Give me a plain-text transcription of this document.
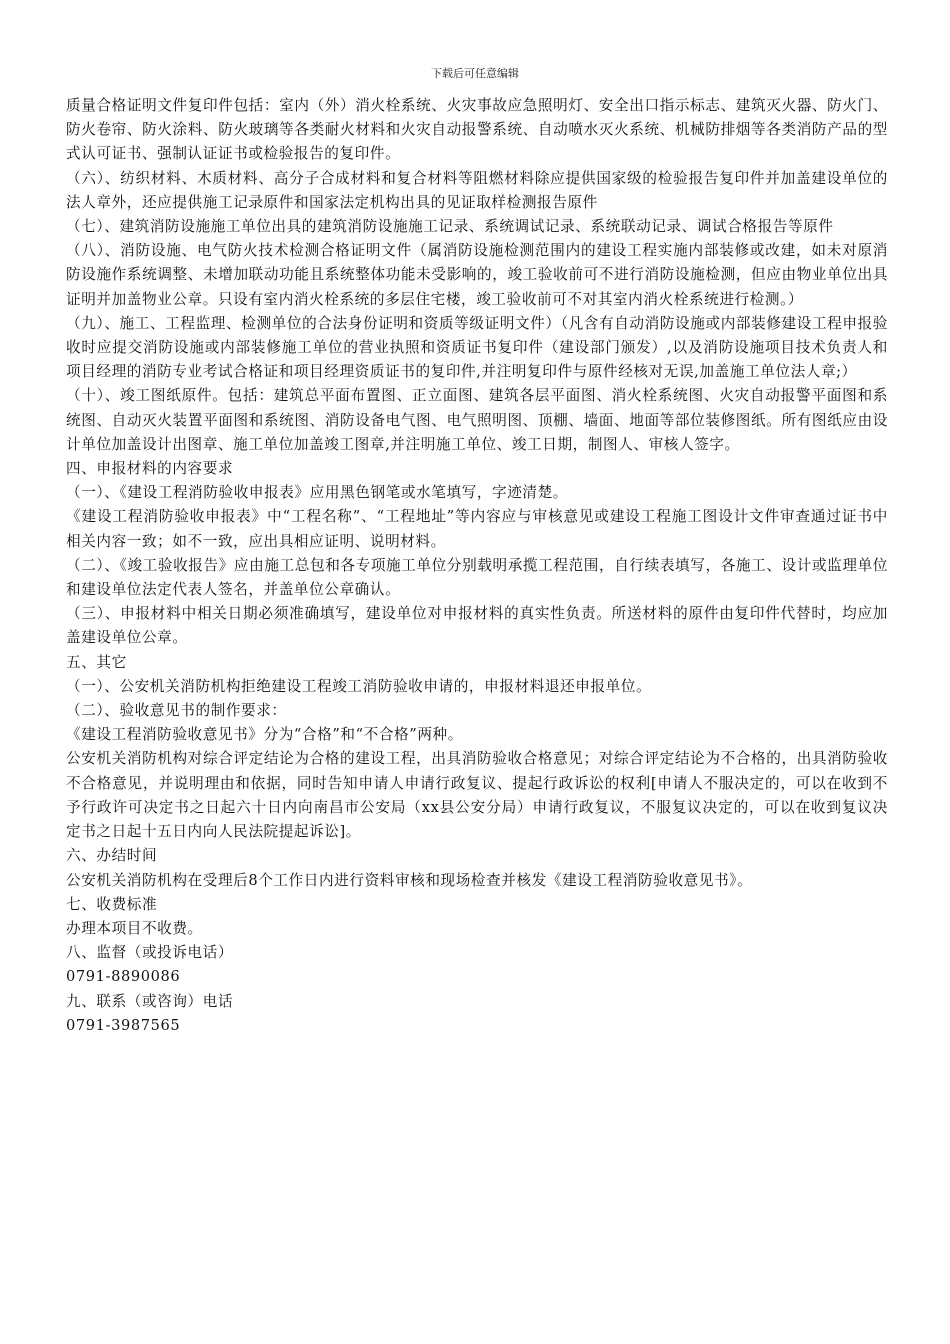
下载后可任意编辑

质量合格证明文件复印件包括：室内（外）消火栓系统、火灾事故应急照明灯、安全出口指示标志、建筑灭火器、防火门、防火卷帘、防火涂料、防火玻璃等各类耐火材料和火灾自动报警系统、自动喷水灭火系统、机械防排烟等各类消防产品的型式认可证书、强制认证证书或检验报告的复印件。

（六）、纺织材料、木质材料、高分子合成材料和复合材料等阻燃材料除应提供国家级的检验报告复印件并加盖建设单位的法人章外，还应提供施工记录原件和国家法定机构出具的见证取样检测报告原件

（七）、建筑消防设施施工单位出具的建筑消防设施施工记录、系统调试记录、系统联动记录、调试合格报告等原件

（八）、消防设施、电气防火技术检测合格证明文件（属消防设施检测范围内的建设工程实施内部装修或改建，如未对原消防设施作系统调整、未增加联动功能且系统整体功能未受影响的，竣工验收前可不进行消防设施检测，但应由物业单位出具证明并加盖物业公章。只设有室内消火栓系统的多层住宅楼，竣工验收前可不对其室内消火栓系统进行检测。）

（九）、施工、工程监理、检测单位的合法身份证明和资质等级证明文件）（凡含有自动消防设施或内部装修建设工程申报验收时应提交消防设施或内部装修施工单位的营业执照和资质证书复印件（建设部门颁发）,以及消防设施项目技术负责人和项目经理的消防专业考试合格证和项目经理资质证书的复印件,并注明复印件与原件经核对无误,加盖施工单位法人章;）

（十）、竣工图纸原件。包括：建筑总平面布置图、正立面图、建筑各层平面图、消火栓系统图、火灾自动报警平面图和系统图、自动灭火装置平面图和系统图、消防设备电气图、电气照明图、顶棚、墙面、地面等部位装修图纸。所有图纸应由设计单位加盖设计出图章、施工单位加盖竣工图章,并注明施工单位、竣工日期，制图人、审核人签字。

四、申报材料的内容要求

（一）、《建设工程消防验收申报表》应用黑色钢笔或水笔填写，字迹清楚。

《建设工程消防验收申报表》中“工程名称”、“工程地址”等内容应与审核意见或建设工程施工图设计文件审查通过证书中相关内容一致；如不一致，应出具相应证明、说明材料。

（二）、《竣工验收报告》应由施工总包和各专项施工单位分别载明承揽工程范围，自行续表填写，各施工、设计或监理单位和建设单位法定代表人签名，并盖单位公章确认。

（三）、申报材料中相关日期必须准确填写，建设单位对申报材料的真实性负责。所送材料的原件由复印件代替时，均应加盖建设单位公章。

五、其它

（一）、公安机关消防机构拒绝建设工程竣工消防验收申请的，申报材料退还申报单位。

（二）、验收意见书的制作要求：

《建设工程消防验收意见书》分为“合格”和“不合格”两种。

公安机关消防机构对综合评定结论为合格的建设工程，出具消防验收合格意见；对综合评定结论为不合格的，出具消防验收不合格意见，并说明理由和依据，同时告知申请人申请行政复议、提起行政诉讼的权利[申请人不服决定的，可以在收到不予行政许可决定书之日起六十日内向南昌市公安局（xx县公安分局）申请行政复议，不服复议决定的，可以在收到复议决定书之日起十五日内向人民法院提起诉讼]。

六、办结时间

公安机关消防机构在受理后8个工作日内进行资料审核和现场检查并核发《建设工程消防验收意见书》。

七、收费标准

办理本项目不收费。

八、监督（或投诉电话）

0791-8890086

九、联系（或咨询）电话

0791-3987565
